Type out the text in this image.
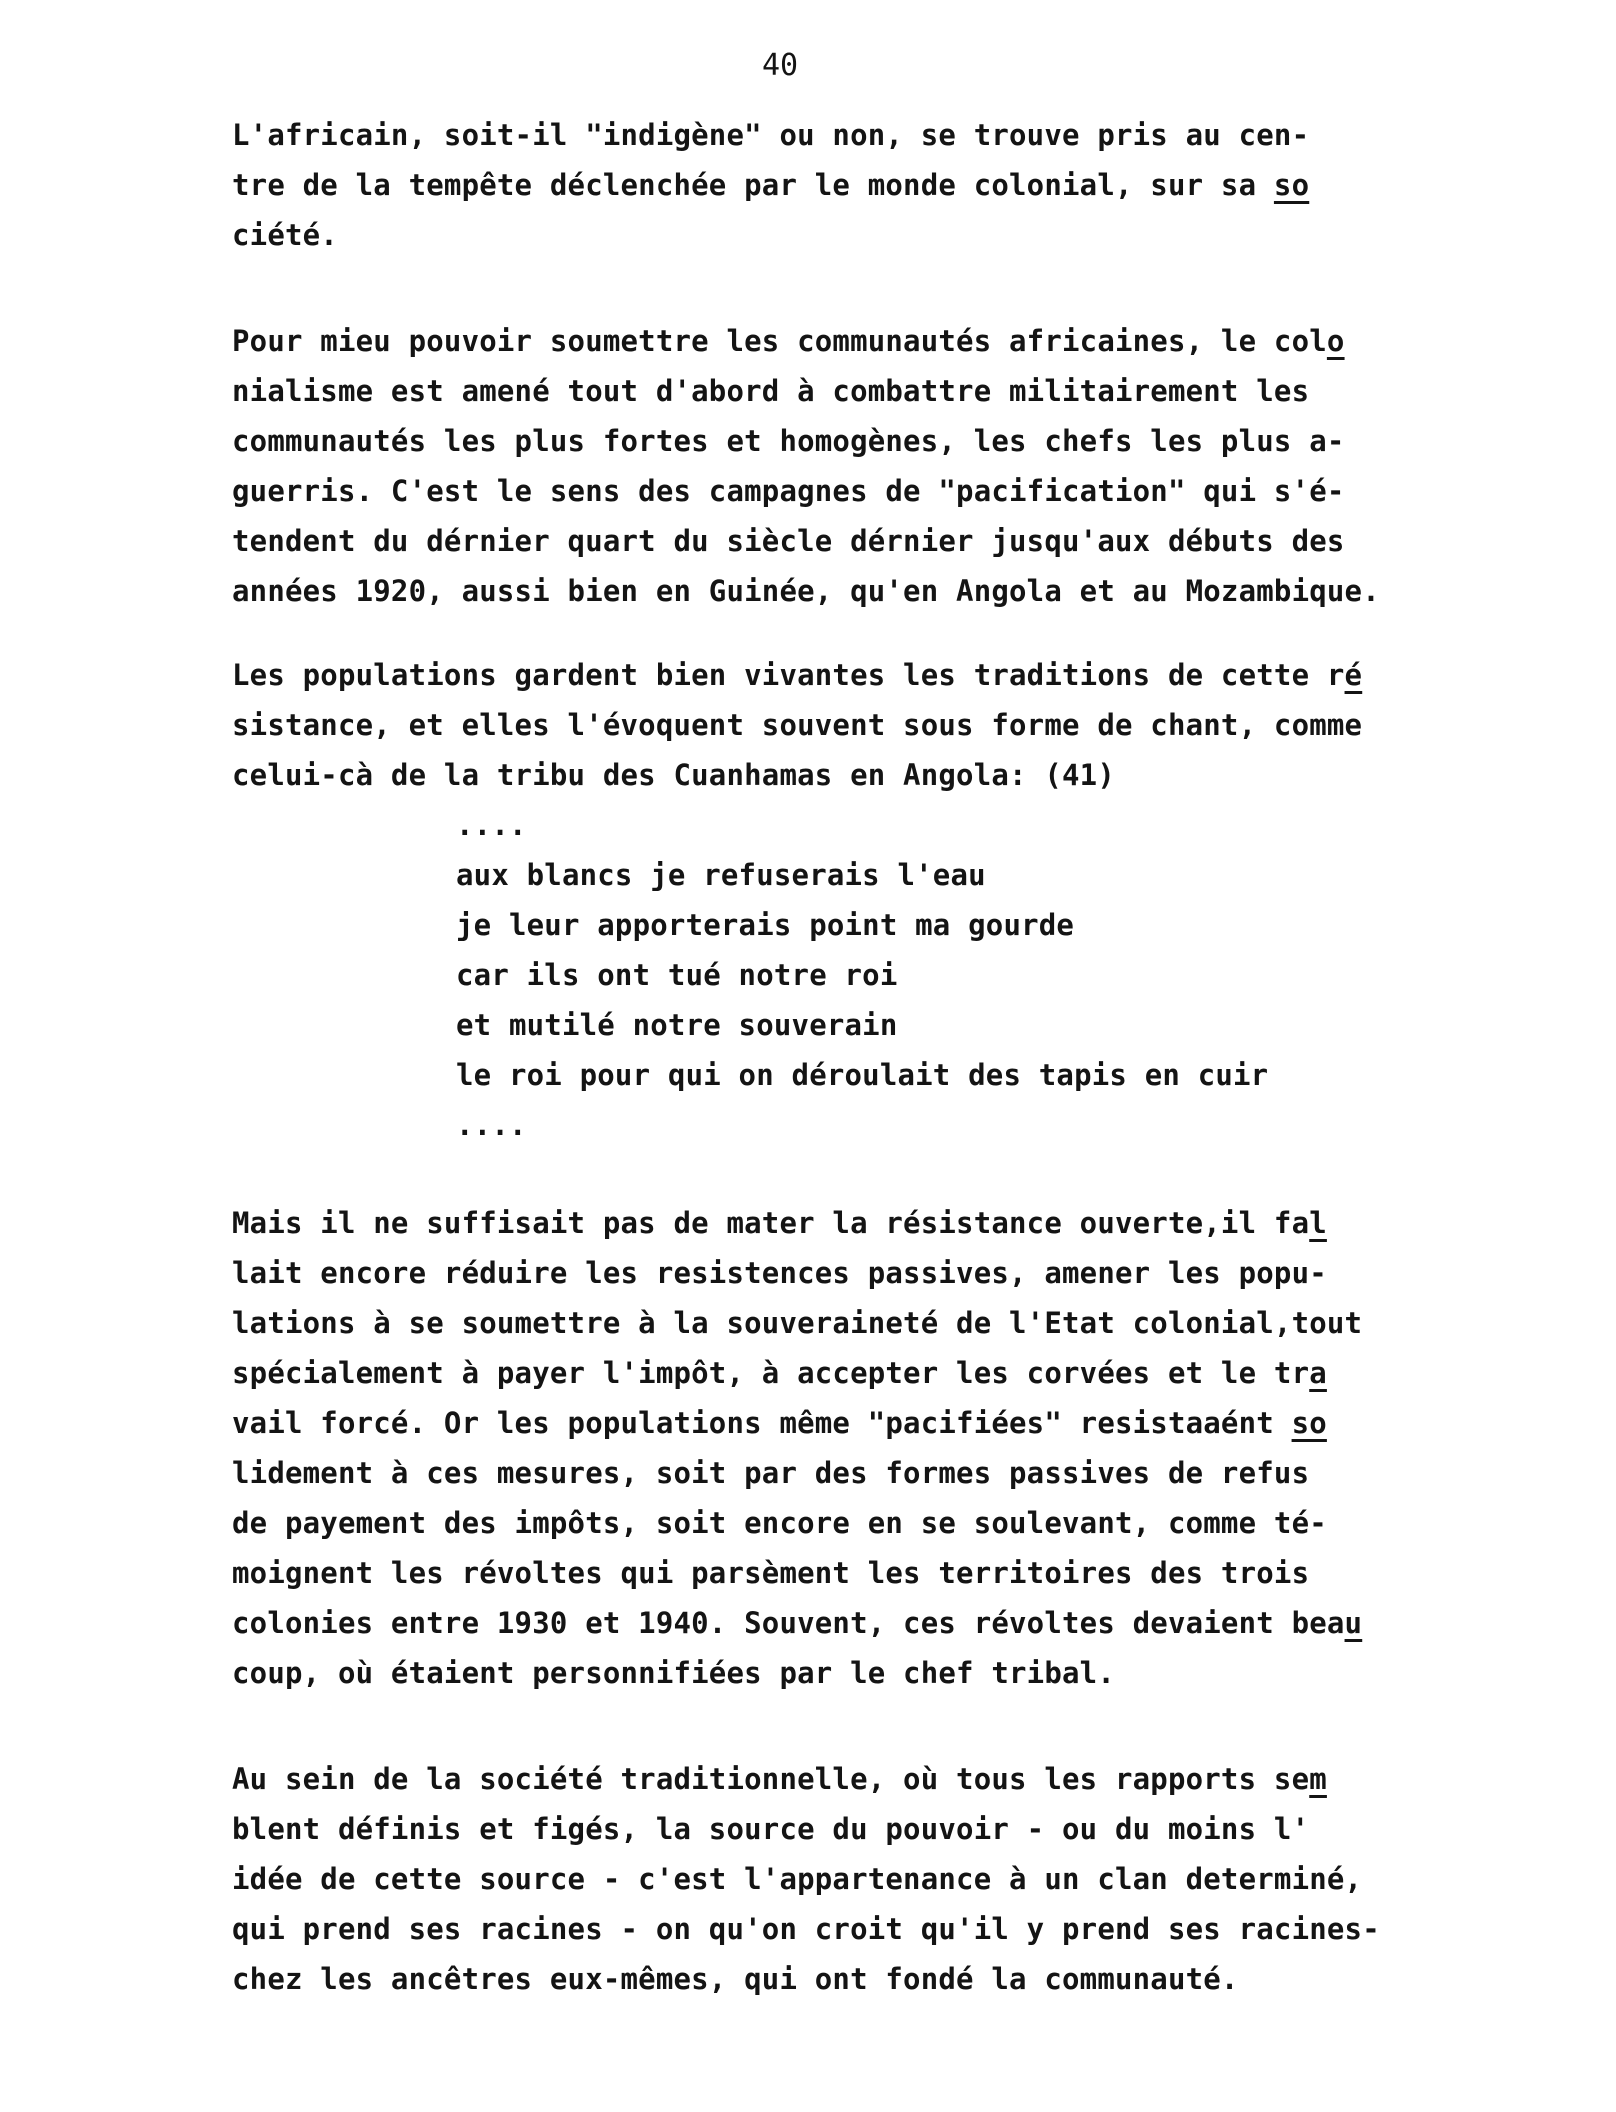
40
L'africain, soit-il "indigène" ou non, se trouve pris au cen-
tre de la tempête déclenchée par le monde colonial, sur sa so
ciété.
Pour mieu pouvoir soumettre les communautés africaines, le colo
nialisme est amené tout d'abord à combattre militairement les
communautés les plus fortes et homogènes, les chefs les plus a-
guerris. C'est le sens des campagnes de "pacification" qui s'é-
tendent du dérnier quart du siècle dérnier jusqu'aux débuts des
années 1920, aussi bien en Guinée, qu'en Angola et au Mozambique.
Les populations gardent bien vivantes les traditions de cette ré
sistance, et elles l'évoquent souvent sous forme de chant, comme
celui-cà de la tribu des Cuanhamas en Angola: (41)
....
aux blancs je refuserais l'eau
je leur apporterais point ma gourde
car ils ont tué notre roi
et mutilé notre souverain
le roi pour qui on déroulait des tapis en cuir
....
Mais il ne suffisait pas de mater la résistance ouverte,il fal
lait encore réduire les resistences passives, amener les popu-
lations à se soumettre à la souveraineté de l'Etat colonial,tout
spécialement à payer l'impôt, à accepter les corvées et le tra
vail forcé. Or les populations même "pacifiées" resistaaént so
lidement à ces mesures, soit par des formes passives de refus
de payement des impôts, soit encore en se soulevant, comme té-
moignent les révoltes qui parsèment les territoires des trois
colonies entre 1930 et 1940. Souvent, ces révoltes devaient beau
coup, où étaient personnifiées par le chef tribal.
Au sein de la société traditionnelle, où tous les rapports sem
blent définis et figés, la source du pouvoir - ou du moins l'
idée de cette source - c'est l'appartenance à un clan determiné,
qui prend ses racines - on qu'on croit qu'il y prend ses racines-
chez les ancêtres eux-mêmes, qui ont fondé la communauté.
